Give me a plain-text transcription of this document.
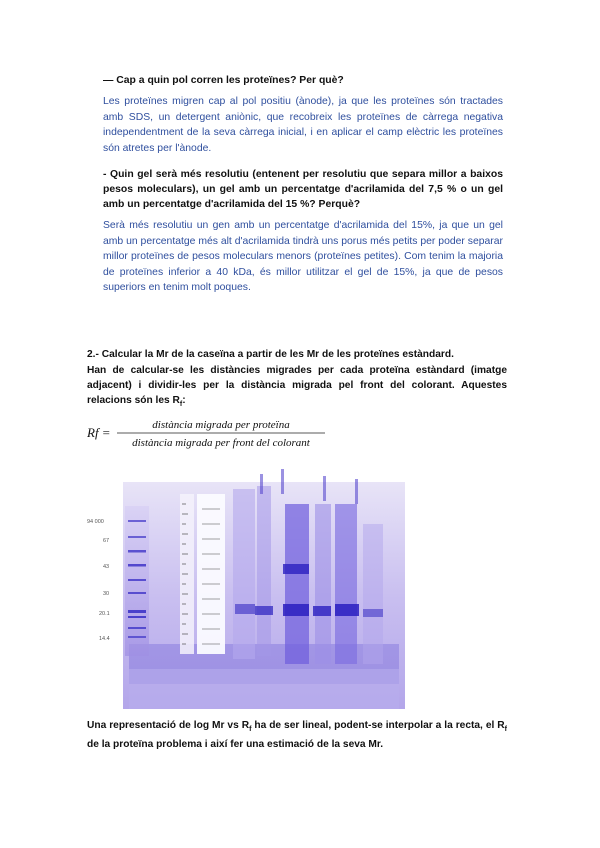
— Cap a quin pol corren les proteïnes? Per què?
Les proteïnes migren cap al pol positiu (ànode), ja que les proteïnes són tractades amb SDS, un detergent aniònic, que recobreix les proteïnes de càrrega negativa independentment de la seva càrrega inicial, i en aplicar el camp elèctric les proteïnes són atretes per l'ànode.
- Quin gel serà més resolutiu (entenent per resolutiu que separa millor a baixos pesos moleculars), un gel amb un percentatge d'acrilamida del 7,5 % o un gel amb un percentatge d'acrilamida del 15 %? Perquè?
Serà més resolutiu un gen amb un percentatge d'acrilamida del 15%, ja que un gel amb un percentatge més alt d'acrilamida tindrà uns porus més petits per poder separar millor proteïnes de pesos moleculars menors (proteïnes petites). Com tenim la majoria de proteïnes inferior a 40 kDa, és millor utilitzar el gel de 15%, ja que de pesos superiors en tenim molt poques.
2.- Calcular la Mr de la caseïna a partir de les Mr de les proteïnes estàndard.
Han de calcular-se les distàncies migrades per cada proteïna estàndard (imatge adjacent) i dividir-les per la distància migrada pel front del colorant. Aquestes relacions són les $R_f$:
Rf =	distància migrada per proteïna
distància migrada per front del colorant
94 000
67
43
30
20.1
14.4
Una representació de log Mr vs $R_f$ ha de ser lineal, podent-se interpolar a la recta, el $R_f$ de la proteïna problema i així fer una estimació de la seva Mr.
